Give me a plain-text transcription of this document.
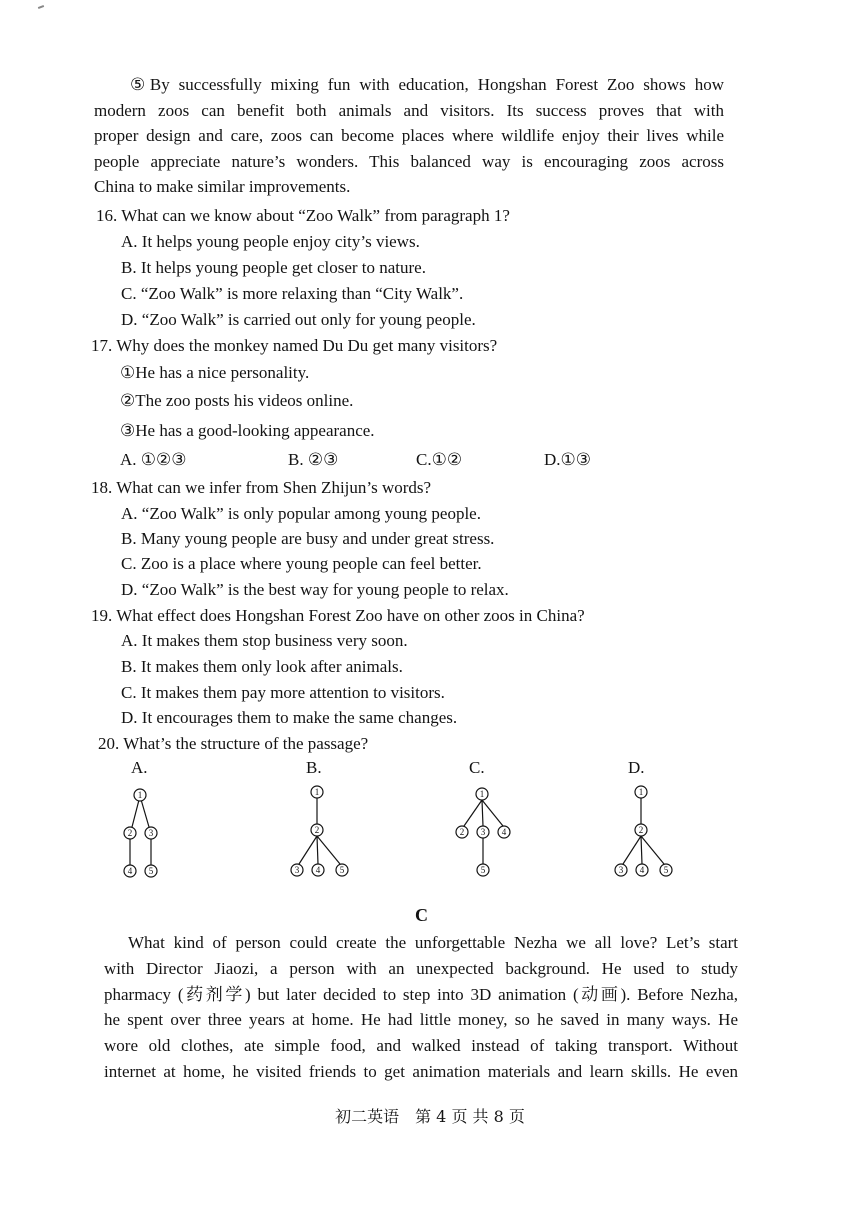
⑤By successfully mixing fun with education, Hongshan Forest Zoo shows how
modern zoos can benefit both animals and visitors. Its success proves that with
proper design and care, zoos can become places where wildlife enjoy their lives while
people appreciate nature’s wonders. This balanced way is encouraging zoos across
China to make similar improvements.
16. What can we know about “Zoo Walk” from paragraph 1?
A. It helps young people enjoy city’s views.
B. It helps young people get closer to nature.
C. “Zoo Walk” is more relaxing than “City Walk”.
D. “Zoo Walk” is carried out only for young people.
17. Why does the monkey named Du Du get many visitors?
①He has a nice personality.
②The zoo posts his videos online.
③He has a good-looking appearance.
A. ①②③	B. ②③	C.①②	D.①③
18. What can we infer from Shen Zhijun’s words?
A. “Zoo Walk” is only popular among young people.
B. Many young people are busy and under great stress.
C. Zoo is a place where young people can feel better.
D. “Zoo Walk” is the best way for young people to relax.
19. What effect does Hongshan Forest Zoo have on other zoos in China?
A. It makes them stop business very soon.
B. It makes them only look after animals.
C. It makes them pay more attention to visitors.
D. It encourages them to make the same changes.
20. What’s the structure of the passage?
A.	B.	C.	D.
1
2 3
4 5
1
2
3 4 5
1
2 3 4
5
1
2
3 4 5
C
What kind of person could create the unforgettable Nezha we all love? Let’s start
with Director Jiaozi, a person with an unexpected background. He used to study
pharmacy (药剂学) but later decided to step into 3D animation (动画). Before Nezha,
he spent over three years at home. He had little money, so he saved in many ways. He
wore old clothes, ate simple food, and walked instead of taking transport. Without
internet at home, he visited friends to get animation materials and learn skills. He even
初二英语　第 4 页 共 8 页
